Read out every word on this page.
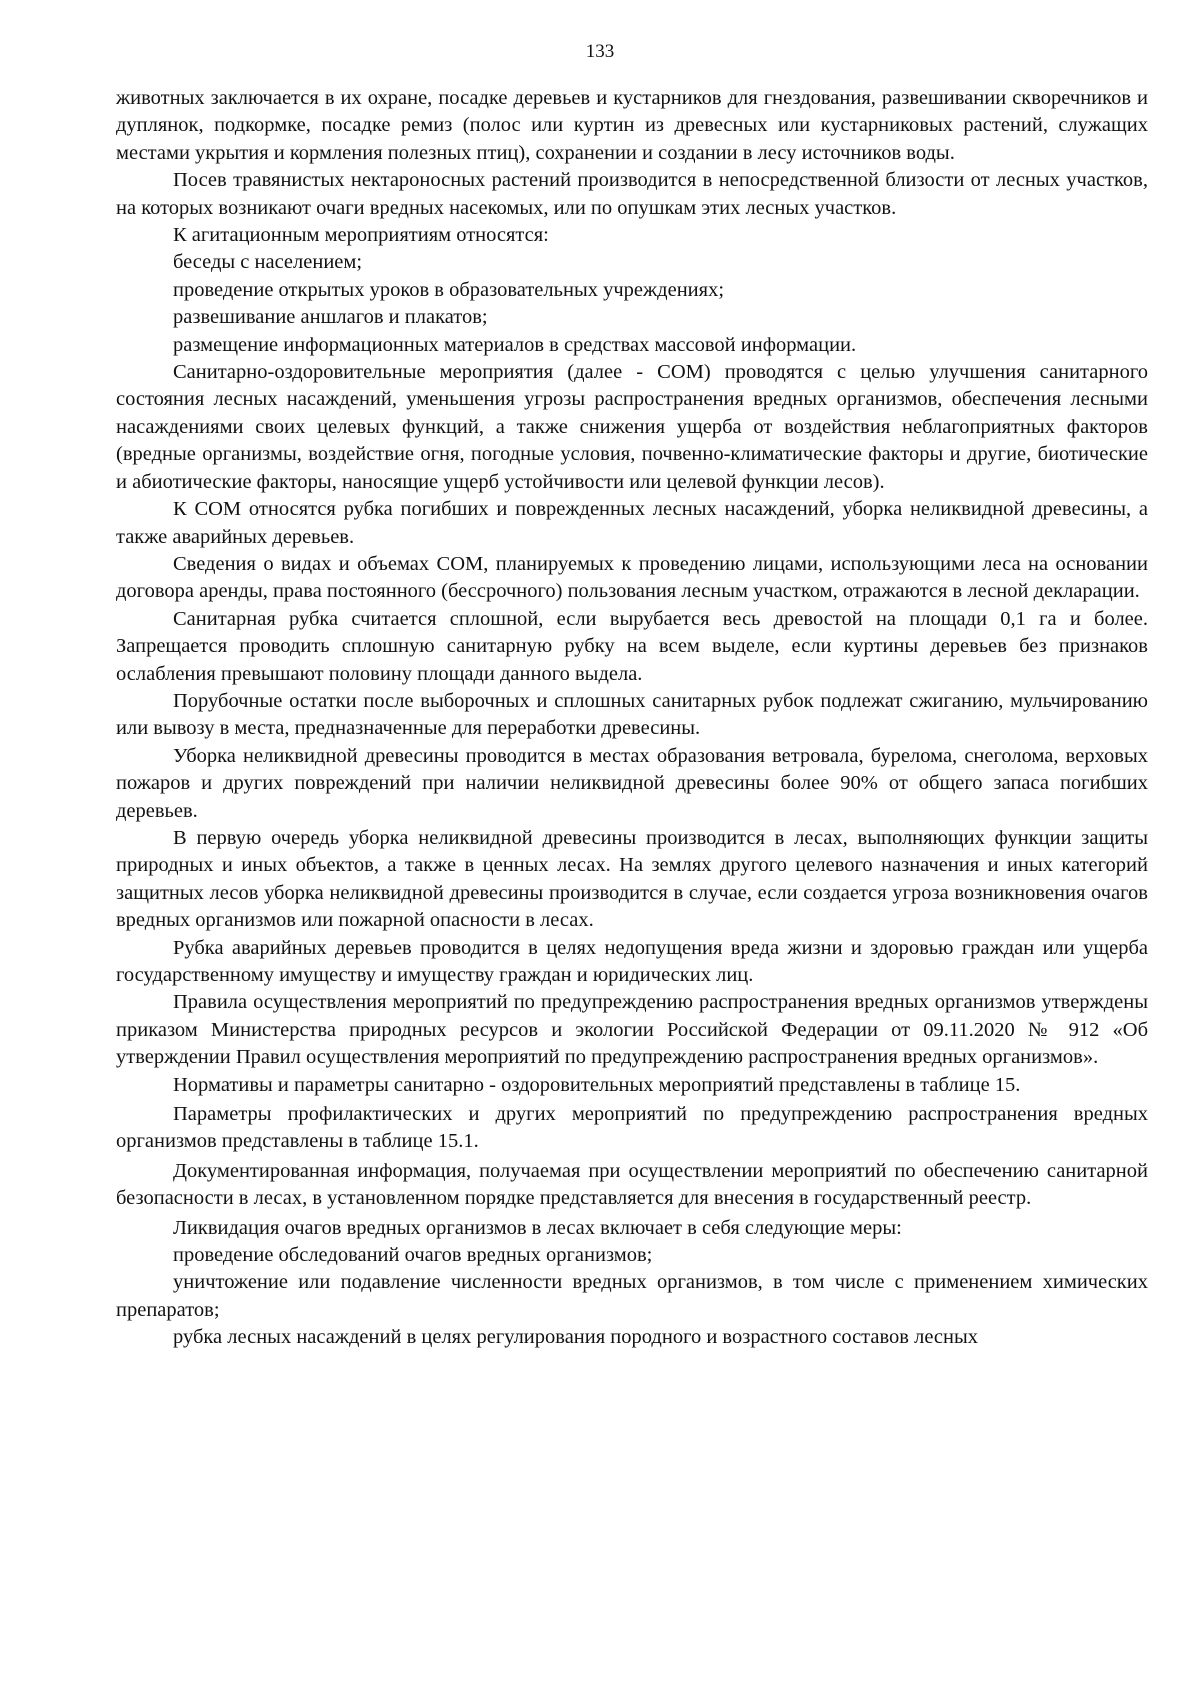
133

животных заключается в их охране, посадке деревьев и кустарников для гнездования, развешивании скворечников и дуплянок, подкормке, посадке ремиз (полос или куртин из древесных или кустарниковых растений, служащих местами укрытия и кормления полезных птиц), сохранении и создании в лесу источников воды.

Посев травянистых нектароносных растений производится в непосредственной близости от лесных участков, на которых возникают очаги вредных насекомых, или по опушкам этих лесных участков.

К агитационным мероприятиям относятся:

беседы с населением;

проведение открытых уроков в образовательных учреждениях;

развешивание аншлагов и плакатов;

размещение информационных материалов в средствах массовой информации.

Санитарно-оздоровительные мероприятия (далее - СОМ) проводятся с целью улучшения санитарного состояния лесных насаждений, уменьшения угрозы распространения вредных организмов, обеспечения лесными насаждениями своих целевых функций, а также снижения ущерба от воздействия неблагоприятных факторов (вредные организмы, воздействие огня, погодные условия, почвенно-климатические факторы и другие, биотические и абиотические факторы, наносящие ущерб устойчивости или целевой функции лесов).

К СОМ относятся рубка погибших и поврежденных лесных насаждений, уборка неликвидной древесины, а также аварийных деревьев.

Сведения о видах и объемах СОМ, планируемых к проведению лицами, использующими леса на основании договора аренды, права постоянного (бессрочного) пользования лесным участком, отражаются в лесной декларации.

Санитарная рубка считается сплошной, если вырубается весь древостой на площади 0,1 га и более. Запрещается проводить сплошную санитарную рубку на всем выделе, если куртины деревьев без признаков ослабления превышают половину площади данного выдела.

Порубочные остатки после выборочных и сплошных санитарных рубок подлежат сжиганию, мульчированию или вывозу в места, предназначенные для переработки древесины.

Уборка неликвидной древесины проводится в местах образования ветровала, бурелома, снеголома, верховых пожаров и других повреждений при наличии неликвидной древесины более 90% от общего запаса погибших деревьев.

В первую очередь уборка неликвидной древесины производится в лесах, выполняющих функции защиты природных и иных объектов, а также в ценных лесах. На землях другого целевого назначения и иных категорий защитных лесов уборка неликвидной древесины производится в случае, если создается угроза возникновения очагов вредных организмов или пожарной опасности в лесах.

Рубка аварийных деревьев проводится в целях недопущения вреда жизни и здоровью граждан или ущерба государственному имуществу и имуществу граждан и юридических лиц.

Правила осуществления мероприятий по предупреждению распространения вредных организмов утверждены приказом Министерства природных ресурсов и экологии Российской Федерации от 09.11.2020 № 912 «Об утверждении Правил осуществления мероприятий по предупреждению распространения вредных организмов».

Нормативы и параметры санитарно - оздоровительных мероприятий представлены в таблице 15.

Параметры профилактических и других мероприятий по предупреждению распространения вредных организмов представлены в таблице 15.1.

Документированная информация, получаемая при осуществлении мероприятий по обеспечению санитарной безопасности в лесах, в установленном порядке представляется для внесения в государственный реестр.

Ликвидация очагов вредных организмов в лесах включает в себя следующие меры:

проведение обследований очагов вредных организмов;

уничтожение или подавление численности вредных организмов, в том числе с применением химических препаратов;

рубка лесных насаждений в целях регулирования породного и возрастного составов лесных
